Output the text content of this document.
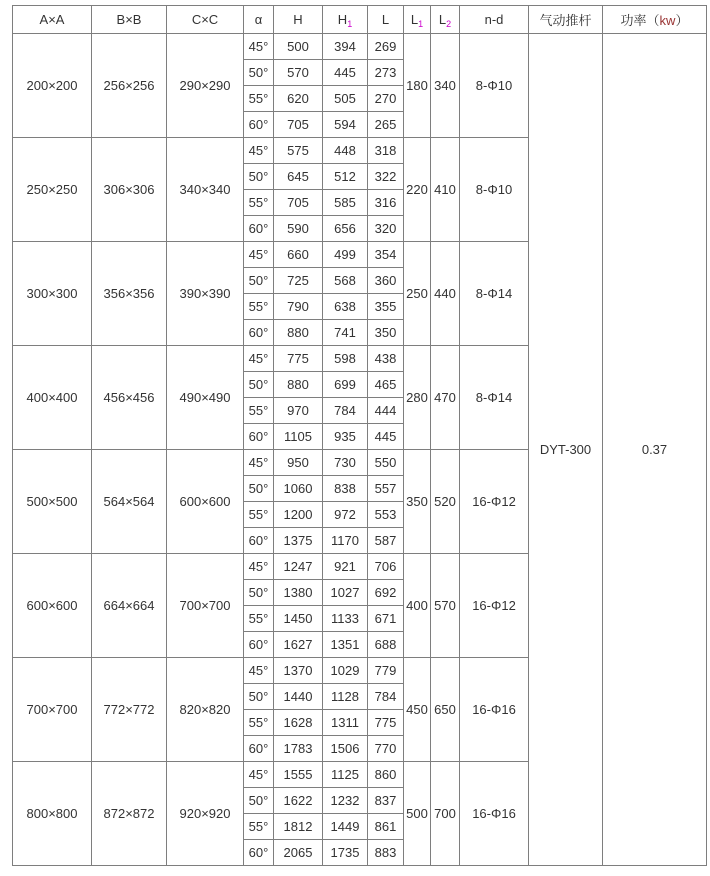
A×A	B×B	C×C	α	H	$H_1$	L	$L_1$	$L_2$	n-d	气动推杆	功率（kw）
200×200	256×256	290×290	45°	500	394	269	180	340	8-Φ10	DYT-300	0.37
			50°	570	445	273					
			55°	620	505	270					
			60°	705	594	265					
250×250	306×306	340×340	45°	575	448	318	220	410	8-Φ10		
			50°	645	512	322					
			55°	705	585	316					
			60°	590	656	320					
300×300	356×356	390×390	45°	660	499	354	250	440	8-Φ14		
			50°	725	568	360					
			55°	790	638	355					
			60°	880	741	350					
400×400	456×456	490×490	45°	775	598	438	280	470	8-Φ14		
			50°	880	699	465					
			55°	970	784	444					
			60°	1105	935	445					
500×500	564×564	600×600	45°	950	730	550	350	520	16-Φ12		
			50°	1060	838	557					
			55°	1200	972	553					
			60°	1375	1170	587					
600×600	664×664	700×700	45°	1247	921	706	400	570	16-Φ12		
			50°	1380	1027	692					
			55°	1450	1133	671					
			60°	1627	1351	688					
700×700	772×772	820×820	45°	1370	1029	779	450	650	16-Φ16		
			50°	1440	1128	784					
			55°	1628	1311	775					
			60°	1783	1506	770					
800×800	872×872	920×920	45°	1555	1125	860	500	700	16-Φ16		
			50°	1622	1232	837					
			55°	1812	1449	861					
			60°	2065	1735	883					
